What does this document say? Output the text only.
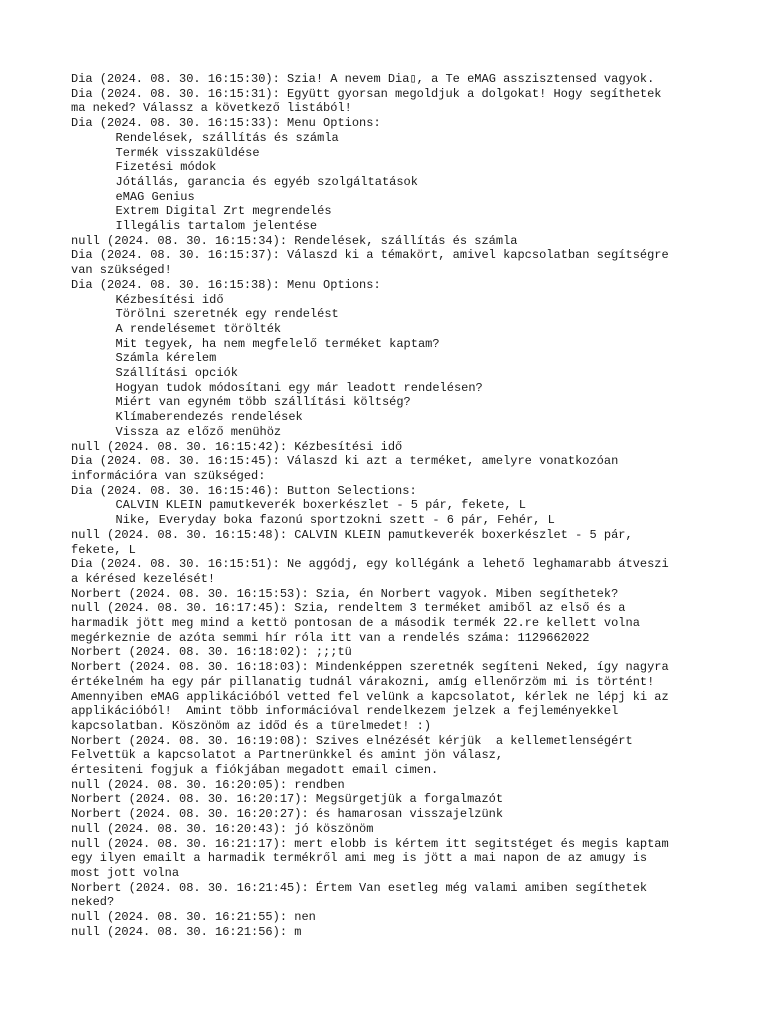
Dia (2024. 08. 30. 16:15:30): Szia! A nevem Dia▯, a Te eMAG asszisztensed vagyok.
Dia (2024. 08. 30. 16:15:31): Együtt gyorsan megoldjuk a dolgokat! Hogy segíthetek
ma neked? Válassz a következő listából!
Dia (2024. 08. 30. 16:15:33): Menu Options:
Rendelések, szállítás és számla
Termék visszaküldése
Fizetési módok
Jótállás, garancia és egyéb szolgáltatások
eMAG Genius
Extrem Digital Zrt megrendelés
Illegális tartalom jelentése
null (2024. 08. 30. 16:15:34): Rendelések, szállítás és számla
Dia (2024. 08. 30. 16:15:37): Válaszd ki a témakört, amivel kapcsolatban segítségre
van szükséged!
Dia (2024. 08. 30. 16:15:38): Menu Options:
Kézbesítési idő
Törölni szeretnék egy rendelést
A rendelésemet törölték
Mit tegyek, ha nem megfelelő terméket kaptam?
Számla kérelem
Szállítási opciók
Hogyan tudok módosítani egy már leadott rendelésen?
Miért van egyném több szállítási költség?
Klímaberendezés rendelések
Vissza az előző menühöz
null (2024. 08. 30. 16:15:42): Kézbesítési idő
Dia (2024. 08. 30. 16:15:45): Válaszd ki azt a terméket, amelyre vonatkozóan
információra van szükséged:
Dia (2024. 08. 30. 16:15:46): Button Selections:
CALVIN KLEIN pamutkeverék boxerkészlet - 5 pár, fekete, L
Nike, Everyday boka fazonú sportzokni szett - 6 pár, Fehér, L
null (2024. 08. 30. 16:15:48): CALVIN KLEIN pamutkeverék boxerkészlet - 5 pár,
fekete, L
Dia (2024. 08. 30. 16:15:51): Ne aggódj, egy kollégánk a lehető leghamarabb átveszi
a kérésed kezelését!
Norbert (2024. 08. 30. 16:15:53): Szia, én Norbert vagyok. Miben segíthetek?
null (2024. 08. 30. 16:17:45): Szia, rendeltem 3 terméket amiből az első és a
harmadik jött meg mind a kettö pontosan de a második termék 22.re kellett volna
megérkeznie de azóta semmi hír róla itt van a rendelés száma: 1129662022
Norbert (2024. 08. 30. 16:18:02): ;;;tü
Norbert (2024. 08. 30. 16:18:03): Mindenképpen szeretnék segíteni Neked, így nagyra
értékelném ha egy pár pillanatig tudnál várakozni, amíg ellenőrzöm mi is történt!
Amennyiben eMAG applikációból vetted fel velünk a kapcsolatot, kérlek ne lépj ki az
applikációból!  Amint több információval rendelkezem jelzek a fejleményekkel
kapcsolatban. Köszönöm az időd és a türelmedet! :)
Norbert (2024. 08. 30. 16:19:08): Szives elnézését kérjük  a kellemetlenségért
Felvettük a kapcsolatot a Partnerünkkel és amint jön válasz,
értesiteni fogjuk a fiókjában megadott email cimen.
null (2024. 08. 30. 16:20:05): rendben
Norbert (2024. 08. 30. 16:20:17): Megsürgetjük a forgalmazót
Norbert (2024. 08. 30. 16:20:27): és hamarosan visszajelzünk
null (2024. 08. 30. 16:20:43): jó köszönöm
null (2024. 08. 30. 16:21:17): mert elobb is kértem itt segitstéget és megis kaptam
egy ilyen emailt a harmadik termékről ami meg is jött a mai napon de az amugy is
most jott volna
Norbert (2024. 08. 30. 16:21:45): Értem Van esetleg még valami amiben segíthetek
neked?
null (2024. 08. 30. 16:21:55): nen
null (2024. 08. 30. 16:21:56): m
